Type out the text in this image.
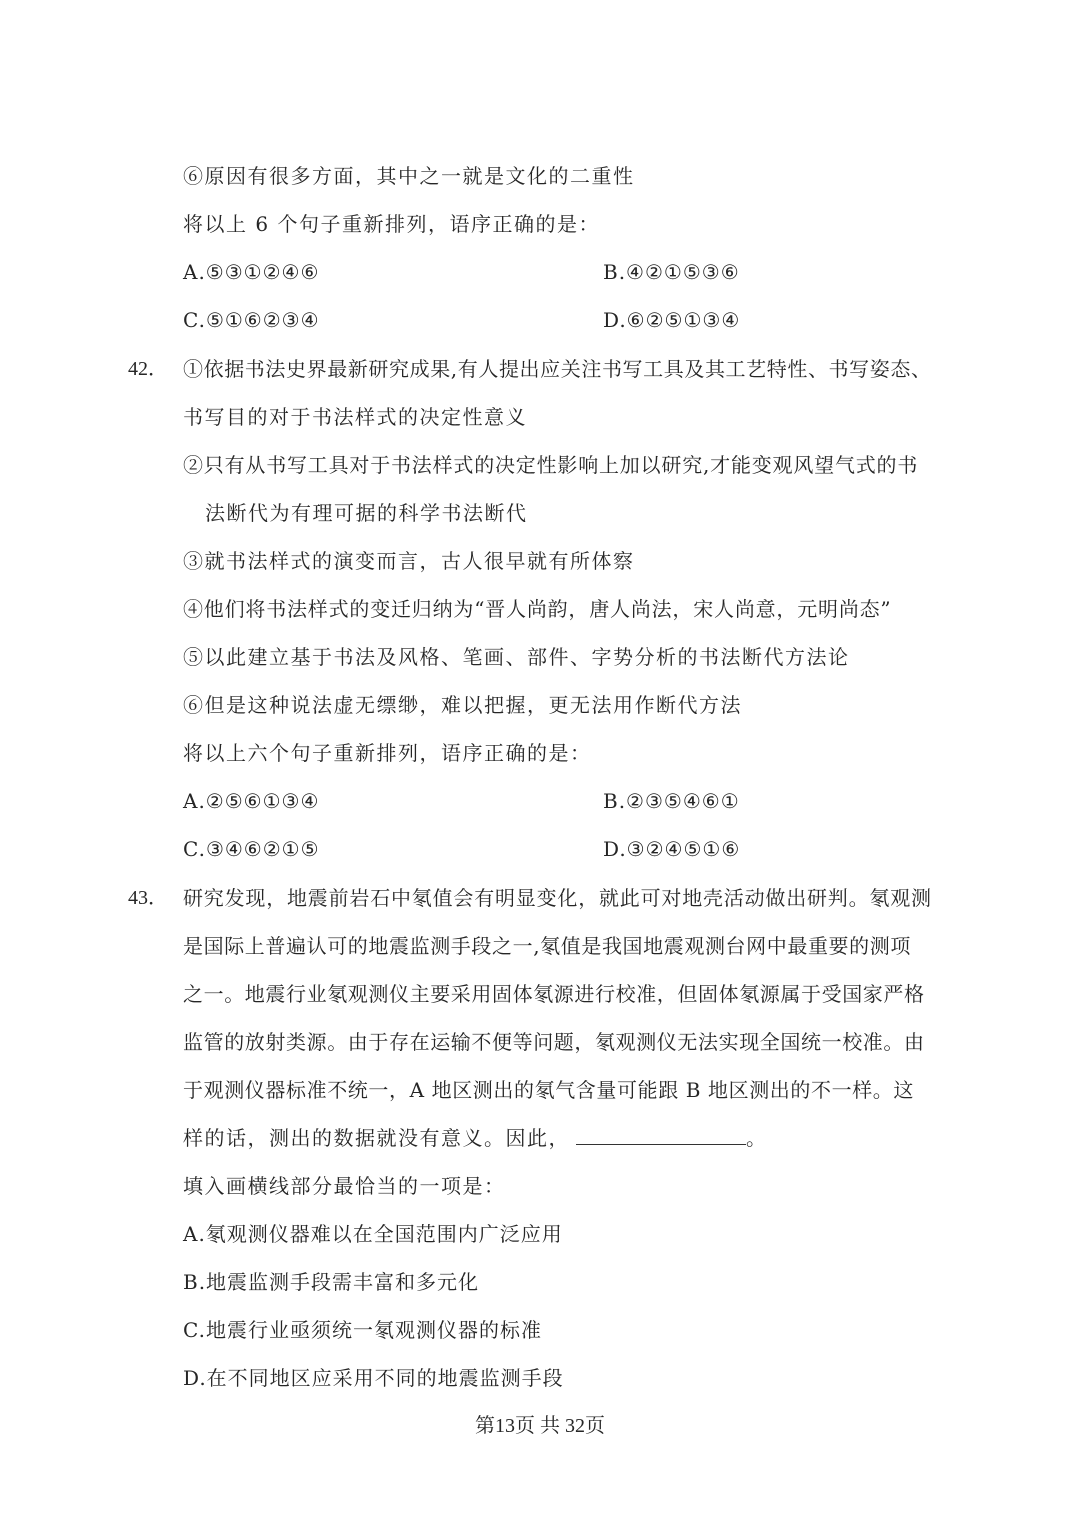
⑥原因有很多方面，其中之一就是文化的二重性
将以上 6 个句子重新排列，语序正确的是：
A.⑤③①②④⑥	B.④②①⑤③⑥
C.⑤①⑥②③④	D.⑥②⑤①③④
42． ①依据书法史界最新研究成果,有人提出应关注书写工具及其工艺特性、书写姿态、
书写目的对于书法样式的决定性意义
②只有从书写工具对于书法样式的决定性影响上加以研究,才能变观风望气式的书
法断代为有理可据的科学书法断代
③就书法样式的演变而言，古人很早就有所体察
④他们将书法样式的变迁归纳为“晋人尚韵，唐人尚法，宋人尚意，元明尚态”
⑤以此建立基于书法及风格、笔画、部件、字势分析的书法断代方法论
⑥但是这种说法虚无缥缈，难以把握，更无法用作断代方法
将以上六个句子重新排列，语序正确的是：
A.②⑤⑥①③④	B.②③⑤④⑥①
C.③④⑥②①⑤	D.③②④⑤①⑥
43． 研究发现，地震前岩石中氡值会有明显变化，就此可对地壳活动做出研判。氡观测
是国际上普遍认可的地震监测手段之一,氡值是我国地震观测台网中最重要的测项
之一。地震行业氡观测仪主要采用固体氡源进行校准，但固体氡源属于受国家严格
监管的放射类源。由于存在运输不便等问题，氡观测仪无法实现全国统一校准。由
于观测仪器标准不统一，A 地区测出的氡气含量可能跟 B 地区测出的不一样。这
样的话，测出的数据就没有意义。因此，	。
填入画横线部分最恰当的一项是：
A.氡观测仪器难以在全国范围内广泛应用
B.地震监测手段需丰富和多元化
C.地震行业亟须统一氡观测仪器的标准
D.在不同地区应采用不同的地震监测手段
第13页 共 32页
